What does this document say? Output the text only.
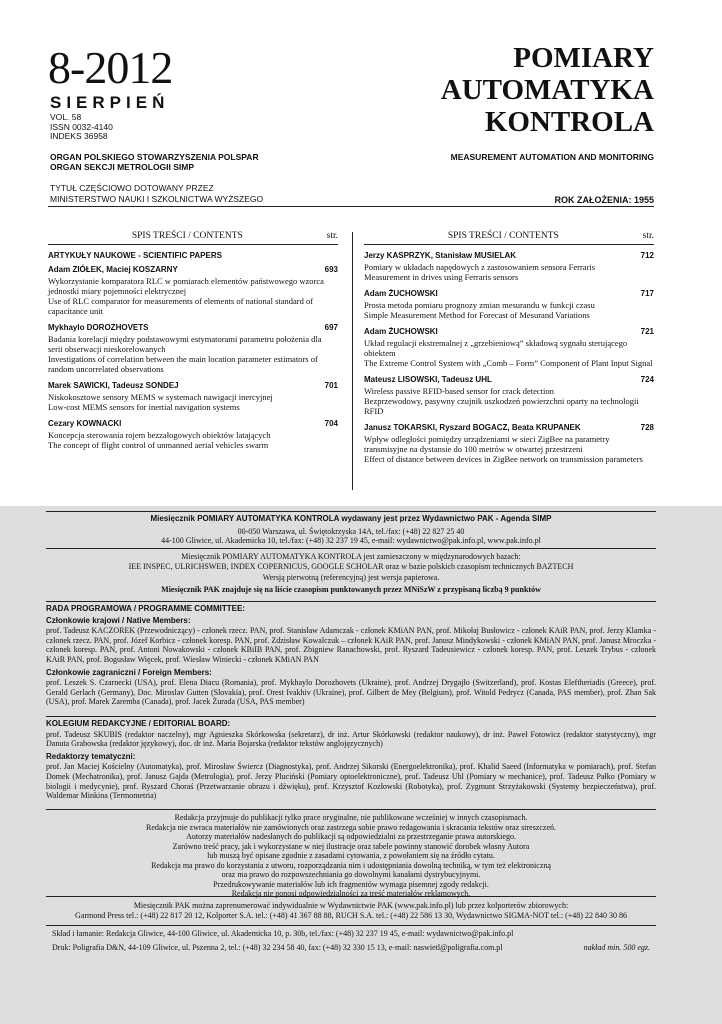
8-2012
SIERPIEŃ
VOL. 58
ISSN 0032-4140
INDEKS 36958
POMIARY
AUTOMATYKA
KONTROLA
ORGAN POLSKIEGO STOWARZYSZENIA POLSPAR
ORGAN SEKCJI METROLOGII SIMP
MEASUREMENT AUTOMATION AND MONITORING
TYTUŁ CZĘŚCIOWO DOTOWANY PRZEZ
MINISTERSTWO NAUKI I SZKOLNICTWA WYŻSZEGO	ROK ZAŁOŻENIA: 1955
SPIS TREŚCI / CONTENTS	str.
ARTYKUŁY NAUKOWE - SCIENTIFIC PAPERS
Adam ZIÓŁEK, Maciej KOSZARNY	693
Wykorzystanie komparatora RLC w pomiarach elementów państwowego wzorca jednostki miary pojemności elektrycznej
Use of RLC comparator for measurements of elements of national standard of capacitance unit
Mykhaylo DOROZHOVETS	697
Badania korelacji między podstawowymi estymatorami parametru położenia dla serii obserwacji nieskorelowanych
Investigations of correlation between the main location parameter estimators of random uncorrelated observations
Marek SAWICKI, Tadeusz SONDEJ	701
Niskokosztowe sensory MEMS w systemach nawigacji inercyjnej
Low-cost MEMS sensors for inertial navigation systems
Cezary KOWNACKI	704
Koncepcja sterowania rojem bezzałogowych obiektów latających
The concept of flight control of unmanned aerial vehicles swarm
SPIS TREŚCI / CONTENTS	str.
Jerzy KASPRZYK, Stanisław MUSIELAK	712
Pomiary w układach napędowych z zastosowaniem sensora Ferraris
Measurement in drives using Ferraris sensors
Adam ŻUCHOWSKI	717
Prosta metoda pomiaru prognozy zmian mesurandu w funkcji czasu
Simple Measurement Method for Forecast of Mesurand Variations
Adam ŻUCHOWSKI	721
Układ regulacji ekstremalnej z „grzebieniową” składową sygnału sterującego obiektem
The Extreme Control System with „Comb – Form” Component of Plant Input Signal
Mateusz LISOWSKI, Tadeusz UHL	724
Wireless passive RFID-based sensor for crack detection
Bezprzewodowy, pasywny czujnik uszkodzeń powierzchni oparty na technologii RFID
Janusz TOKARSKI, Ryszard BOGACZ, Beata KRUPANEK	728
Wpływ odległości pomiędzy urządzeniami w sieci ZigBee na parametry transmisyjne na dystansie do 100 metrów w otwartej przestrzeni
Effect of distance between devices in ZigBee network on transmission parameters
Miesięcznik POMIARY AUTOMATYKA KONTROLA wydawany jest przez Wydawnictwo PAK - Agenda SIMP
00-050 Warszawa, ul. Świętokrzyska 14A, tel./fax: (+48) 22 827 25 40
44-100 Gliwice, ul. Akademicka 10, tel./fax: (+48) 32 237 19 45, e-mail: wydawnictwo@pak.info.pl, www.pak.info.pl
Miesięcznik POMIARY AUTOMATYKA KONTROLA jest zamieszczony w międzynarodowych bazach:
IEE INSPEC, ULRICHSWEB, INDEX COPERNICUS, GOOGLE SCHOLAR oraz w bazie polskich czasopism technicznych BAZTECH
Wersją pierwotną (referencyjną) jest wersja papierowa.
Miesięcznik PAK znajduje się na liście czasopism punktowanych przez MNiSzW z przypisaną liczbą 9 punktów
RADA PROGRAMOWA / PROGRAMME COMMITTEE:
Członkowie krajowi / Native Members:
prof. Tadeusz KACZOREK (Przewodniczący) - członek rzecz. PAN, prof. Stanisław Adamczak - członek KMiAN PAN, prof. Mikołaj Busłowicz - członek KAiR PAN, prof. Jerzy Klamka - członek rzecz. PAN, prof. Józef Korbicz - członek koresp. PAN, prof. Zdzisław Kowalczuk – członek KAiR PAN, prof. Janusz Mindykowski - członek KMiAN PAN, prof. Janusz Mroczka - członek koresp. PAN, prof. Antoni Nowakowski - członek KBiIB PAN, prof. Zbigniew Ranachowski, prof. Ryszard Tadeusiewicz - członek koresp. PAN, prof. Leszek Trybus - członek KAiR PAN, prof. Bogusław Więcek, prof. Wiesław Winiecki - członek KMiAN PAN
Członkowie zagraniczni / Foreign Members:
prof. Leszek S. Czarnecki (USA), prof. Elena Diacu (Romania), prof. Mykhaylo Dorozhovets (Ukraine), prof. Andrzej Drygajło (Switzerland), prof. Kostas Eleftheriadis (Greece), prof. Gerald Gerlach (Germany), Doc. Miroslav Gutten (Slovakia), prof. Orest Ivakhiv (Ukraine), prof. Gilbert de Mey (Belgium), prof. Witold Pedrycz (Canada, PAS member), prof. Zhan Sak (USA), prof. Marek Zaremba (Canada), prof. Jacek Żurada (USA, PAS member)
KOLEGIUM REDAKCYJNE / EDITORIAL BOARD:
prof. Tadeusz SKUBIS (redaktor naczelny), mgr Agnieszka Skórkowska (sekretarz), dr inż. Artur Skórkowski (redaktor naukowy), dr inż. Paweł Fotowicz (redaktor statystyczny), mgr Danuta Grabowska (redaktor językowy), doc. dr inż. Maria Bojarska (redaktor tekstów anglojęzycznych)
Redaktorzy tematyczni:
prof. Jan Maciej Kościelny (Automatyka), prof. Mirosław Świercz (Diagnostyka), prof. Andrzej Sikorski (Energoelektronika), prof. Khalid Saeed (Informatyka w pomiarach), prof. Stefan Domek (Mechatronika), prof. Janusz Gajda (Metrologia), prof. Jerzy Pluciński (Pomiary optoelektroniczne), prof. Tadeusz Uhl (Pomiary w mechanice), prof. Tadeusz Pałko (Pomiary w biologii i medycynie), prof. Ryszard Choraś (Przetwarzanie obrazu i dźwięku), prof. Krzysztof Kozłowski (Robotyka), prof. Zygmunt Strzyżakowski (Systemy bezpieczeństwa), prof. Waldemar Minkina (Termometria)
Redakcja przyjmuje do publikacji tylko prace oryginalne, nie publikowane wcześniej w innych czasopismach.
Redakcja nie zwraca materiałów nie zamówionych oraz zastrzega sobie prawo redagowania i skracania tekstów oraz streszczeń.
Autorzy materiałów nadesłanych do publikacji są odpowiedzialni za przestrzeganie prawa autorskiego.
Zarówno treść pracy, jak i wykorzystane w niej ilustracje oraz tabele powinny stanowić dorobek własny Autora
lub muszą być opisane zgodnie z zasadami cytowania, z powołaniem się na źródło cytatu.
Redakcja ma prawo do korzystania z utworu, rozporządzania nim i udostępniania dowolną techniką, w tym też elektroniczną
oraz ma prawo do rozpowszechniania go dowolnymi kanałami dystrybucyjnymi.
Przedrukowywanie materiałów lub ich fragmentów wymaga pisemnej zgody redakcji.
Redakcja nie ponosi odpowiedzialności za treść materiałów reklamowych.
Miesięcznik PAK można zaprenumerować indywidualnie w Wydawnictwie PAK (www.pak.info.pl) lub przez kolporterów zbiorowych:
Garmond Press tel.: (+48) 22 817 20 12, Kolporter S.A. tel.: (+48) 41 367 88 88, RUCH S.A. tel.: (+48) 22 586 13 30, Wydawnictwo SIGMA-NOT tel.: (+48) 22 840 30 86
Skład i łamanie: Redakcja Gliwice, 44-100 Gliwice, ul. Akademicka 10, p. 30b, tel./fax: (+48) 32 237 19 45, e-mail: wydawnictwo@pak.info.pl
Druk: Poligrafia D&N, 44-109 Gliwice, ul. Pszenna 2, tel.: (+48) 32 234 58 40, fax: (+48) 32 330 15 13, e-mail: naswietl@poligrafia.com.pl	nakład min. 500 egz.
